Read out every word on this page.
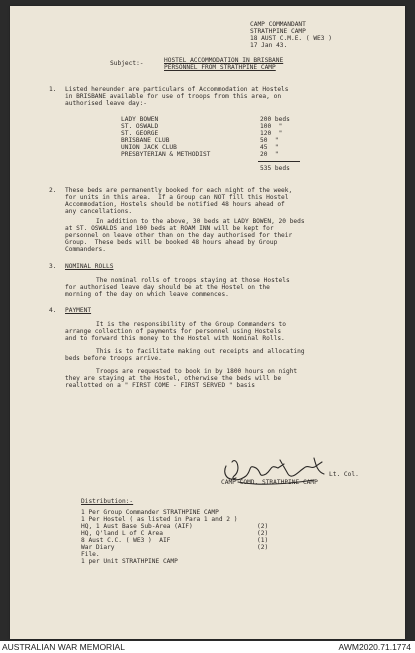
CAMP COMMANDANT
STRATHPINE CAMP
18 AUST C.M.E. ( WE3 )
17 Jan 43.
Subject:-	HOSTEL ACCOMMODATION IN BRISBANE
PERSONNEL FROM STRATHPINE CAMP
1. Listed hereunder are particulars of Accommodation at Hostels
in BRISBANE available for use of troops from this area, on
authorised leave day:-
LADY BOWEN	200 beds
ST. OSWALD	100  "
ST. GEORGE	120  "
BRISBANE CLUB	50  "
UNION JACK CLUB	45  "
PRESBYTERIAN & METHODIST	20  "
535 beds
2. These beds are permanently booked for each night of the week,
for units in this area.  If a Group can NOT fill this Hostel
Accommodation, Hostels should be notified 48 hours ahead of
any cancellations.
In addition to the above, 30 beds at LADY BOWEN, 20 beds
at ST. OSWALDS and 100 beds at ROAM INN will be kept for
personnel on leave other than on the day authorised for their
Group.  These beds will be booked 48 hours ahead by Group
Commanders.
3. NOMINAL ROLLS
The nominal rolls of troops staying at those Hostels
for authorised leave day should be at the Hostel on the
morning of the day on which leave commences.
4. PAYMENT
It is the responsibility of the Group Commanders to
arrange collection of payments for personnel using Hostels
and to forward this money to the Hostel with Nominal Rolls.
This is to facilitate making out receipts and allocating
beds before troops arrive.
Troops are requested to book in by 1800 hours on night
they are staying at the Hostel, otherwise the beds will be
reallotted on a " FIRST COME - FIRST SERVED " basis
Lt. Col.
CAMP COMD. STRATHPINE CAMP
Distribution:-
1 Per Group Commander STRATHPINE CAMP
1 Per Hostel ( as listed in Para 1 and 2 )
HQ, 1 Aust Base Sub-Area (AIF)	(2)
HQ, Q'land L of C Area	(2)
8 Aust C.C. ( WE3 )  AIF	(1)
War Diary	(2)
File.
1 per Unit STRATHPINE CAMP
AUSTRALIAN WAR MEMORIAL	AWM2020.71.1774
